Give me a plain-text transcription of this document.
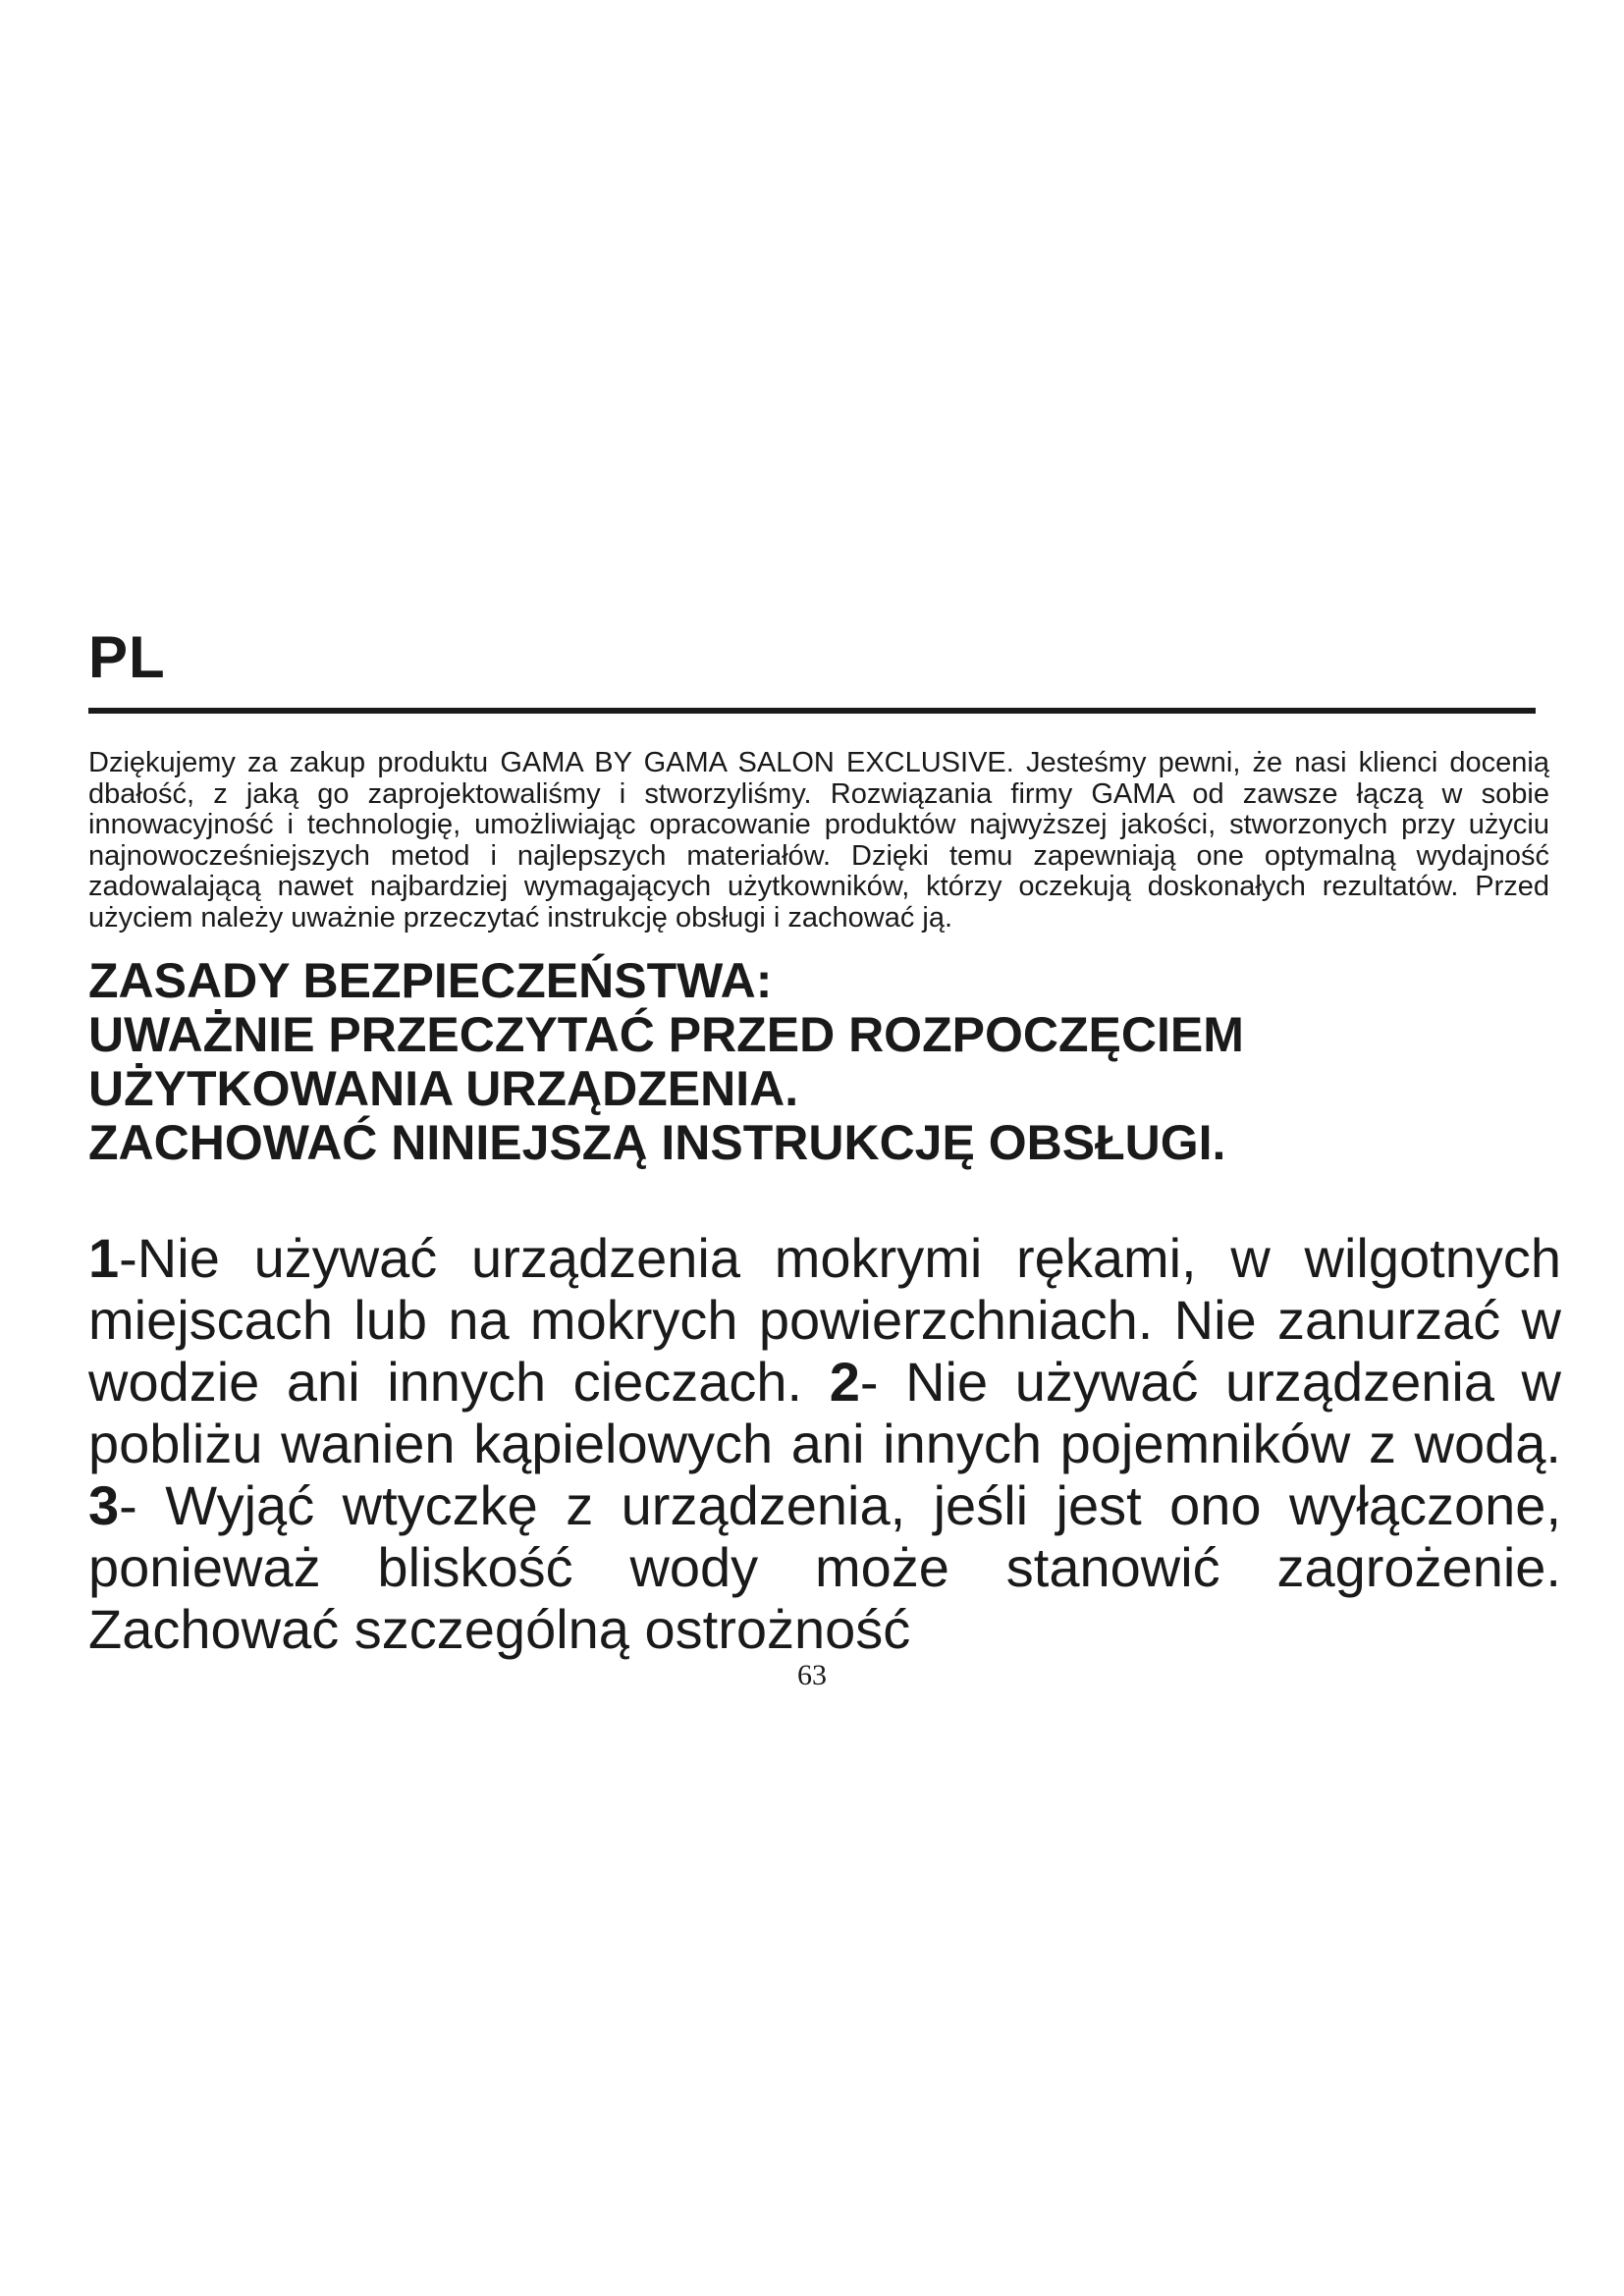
PL

Dziękujemy za zakup produktu GAMA BY GAMA SALON EXCLUSIVE. Jesteśmy pewni, że nasi klienci docenią dbałość, z jaką go zaprojektowaliśmy i stworzyliśmy. Rozwiązania firmy GAMA od zawsze łączą w sobie innowacyjność i technologię, umożliwiając opracowanie produktów najwyższej jakości, stworzonych przy użyciu najnowocześniejszych metod i najlepszych materiałów. Dzięki temu zapewniają one optymalną wydajność zadowalającą nawet najbardziej wymagających użytkowników, którzy oczekują doskonałych rezultatów. Przed użyciem należy uważnie przeczytać instrukcję obsługi i zachować ją.

ZASADY BEZPIECZEŃSTWA:
UWAŻNIE PRZECZYTAĆ PRZED ROZPOCZĘCIEM
UŻYTKOWANIA URZĄDZENIA.
ZACHOWAĆ NINIEJSZĄ INSTRUKCJĘ OBSŁUGI.

1-Nie używać urządzenia mokrymi rękami, w wilgotnych miejscach lub na mokrych powierzchniach. Nie zanurzać w wodzie ani innych cieczach. 2- Nie używać urządzenia w pobliżu wanien kąpielowych ani innych pojemników z wodą. 3- Wyjąć wtyczkę z urządzenia, jeśli jest ono wyłączone, ponieważ bliskość wody może stanowić zagrożenie. Zachować szczególną ostrożność

63
